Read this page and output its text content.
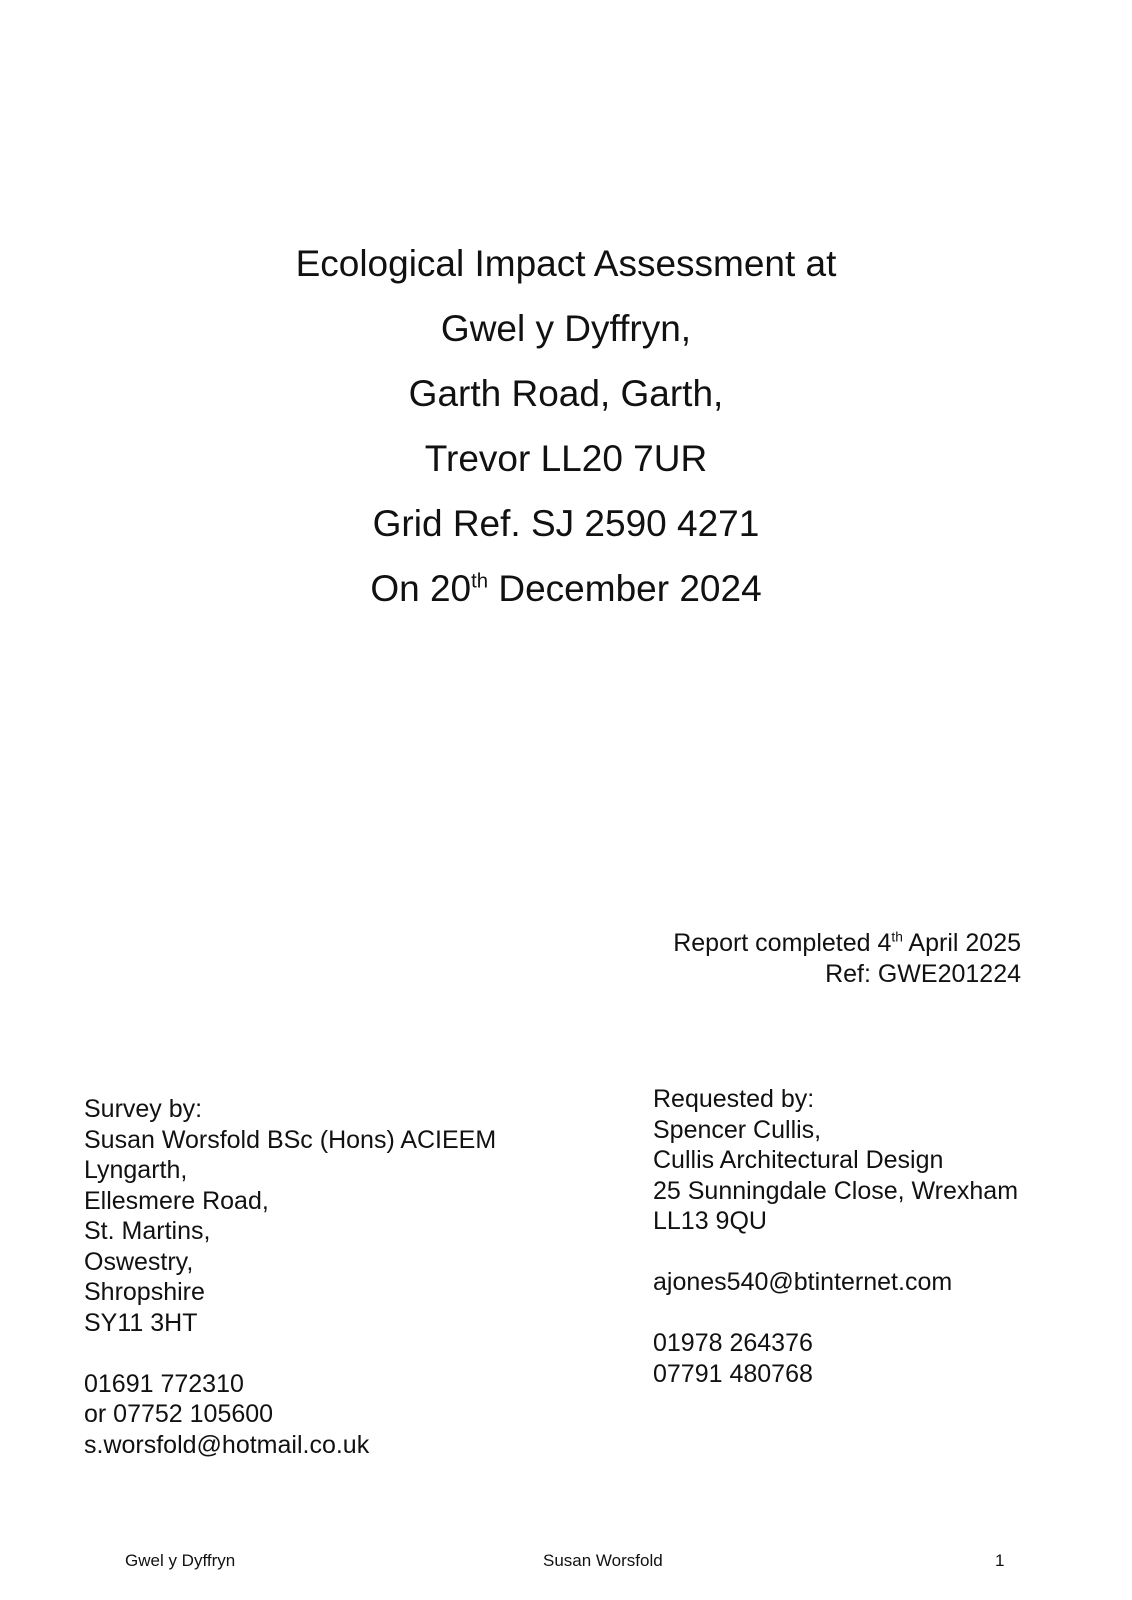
Ecological Impact Assessment at
Gwel y Dyffryn,
Garth Road, Garth,
Trevor LL20 7UR
Grid Ref. SJ 2590 4271
On 20th December 2024
Report completed 4th April 2025
Ref: GWE201224
Survey by:
Susan Worsfold BSc (Hons) ACIEEM
Lyngarth,
Ellesmere Road,
St. Martins,
Oswestry,
Shropshire
SY11 3HT
01691 772310
or 07752 105600
s.worsfold@hotmail.co.uk
Requested by:
Spencer Cullis,
Cullis Architectural Design
25 Sunningdale Close, Wrexham
LL13 9QU
ajones540@btinternet.com
01978 264376
07791 480768
Gwel y Dyffryn	Susan Worsfold	1
